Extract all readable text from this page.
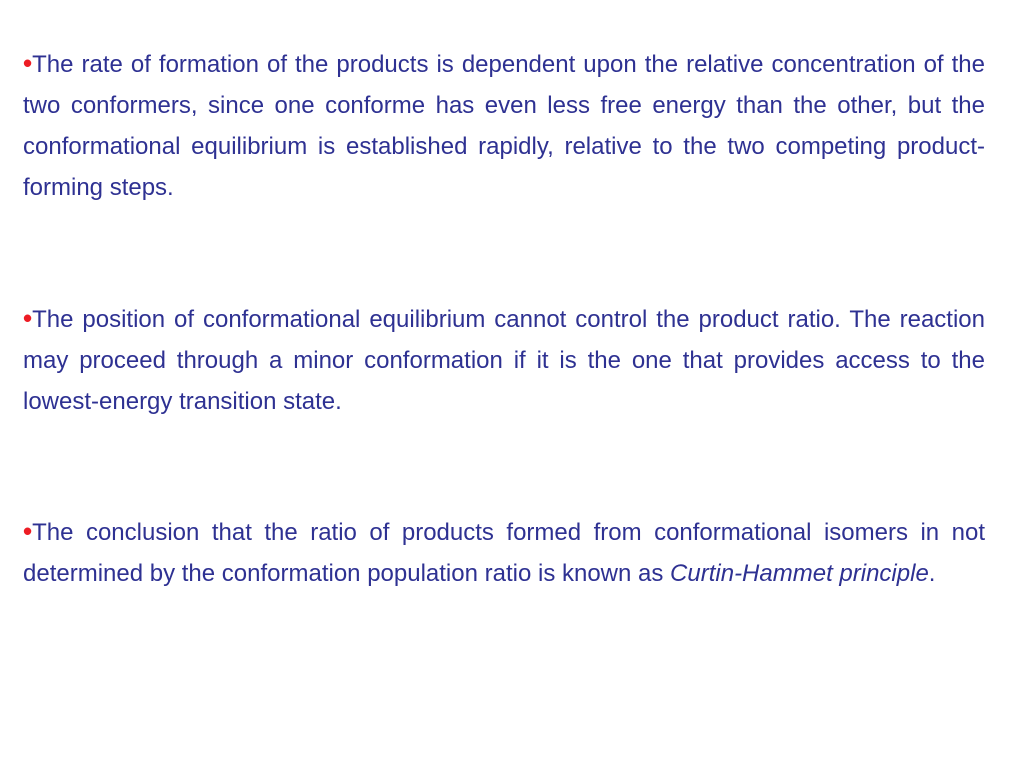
•The rate of formation of the products is dependent upon the relative concentration of the two conformers, since one conforme has even less free energy than the other, but the conformational equilibrium is established rapidly, relative to the two competing product-forming steps.

•The position of conformational equilibrium cannot control the product ratio. The reaction may proceed through a minor conformation if it is the one that provides access to the lowest-energy transition state.

•The conclusion that the ratio of products formed from conformational isomers in not determined by the conformation population ratio is known as Curtin-Hammet principle.
